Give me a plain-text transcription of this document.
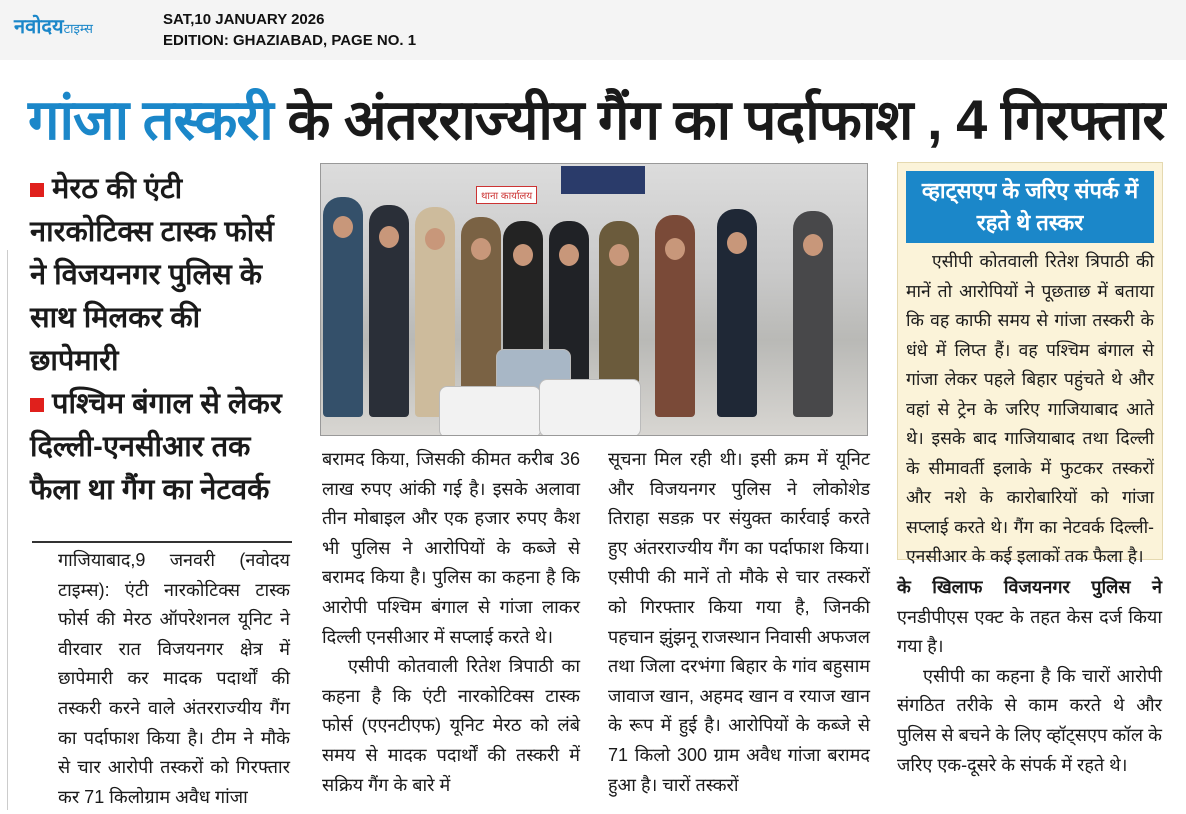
नवोदयटाइम्स
SAT,10 JANUARY 2026
EDITION: GHAZIABAD, PAGE NO. 1
गांजा तस्करी के अंतरराज्यीय गैंग का पर्दाफाश , 4 गिरफ्तार
मेरठ की एंटी नारकोटिक्स टास्क फोर्स ने विजयनगर पुलिस के साथ मिलकर की छापेमारी
पश्चिम बंगाल से लेकर दिल्ली-एनसीआर तक फैला था गैंग का नेटवर्क

गाजियाबाद,9 जनवरी (नवोदय टाइम्स): एंटी नारकोटिक्स टास्क फोर्स की मेरठ ऑपरेशनल यूनिट ने वीरवार रात विजयनगर क्षेत्र में छापेमारी कर मादक पदार्थों की तस्करी करने वाले अंतरराज्यीय गैंग का पर्दाफाश किया है। टीम ने मौके से चार आरोपी तस्करों को गिरफ्तार कर 71 किलोग्राम अवैध गांजा

थाना कार्यालय

बरामद किया, जिसकी कीमत करीब 36 लाख रुपए आंकी गई है। इसके अलावा तीन मोबाइल और एक हजार रुपए कैश भी पुलिस ने आरोपियों के कब्जे से बरामद किया है। पुलिस का कहना है कि आरोपी पश्चिम बंगाल से गांजा लाकर दिल्ली एनसीआर में सप्लाई करते थे।

एसीपी कोतवाली रितेश त्रिपाठी का कहना है कि एंटी नारकोटिक्स टास्क फोर्स (एएनटीएफ) यूनिट मेरठ को लंबे समय से मादक पदार्थों की तस्करी में सक्रिय गैंग के बारे में

सूचना मिल रही थी। इसी क्रम में यूनिट और विजयनगर पुलिस ने लोकोशेड तिराहा सडक़ पर संयुक्त कार्रवाई करते हुए अंतरराज्यीय गैंग का पर्दाफाश किया। एसीपी की मानें तो मौके से चार तस्करों को गिरफ्तार किया गया है, जिनकी पहचान झुंझनू राजस्थान निवासी अफजल तथा जिला दरभंगा बिहार के गांव बहुसाम जावाज खान, अहमद खान व रयाज खान के रूप में हुई है। आरोपियों के कब्जे से 71 किलो 300 ग्राम अवैध गांजा बरामद हुआ है। चारों तस्करों

व्हाट्सएप के जरिए संपर्क में रहते थे तस्कर

एसीपी कोतवाली रितेश त्रिपाठी की मानें तो आरोपियों ने पूछताछ में बताया कि वह काफी समय से गांजा तस्करी के धंधे में लिप्त हैं। वह पश्चिम बंगाल से गांजा लेकर पहले बिहार पहुंचते थे और वहां से ट्रेन के जरिए गाजियाबाद आते थे। इसके बाद गाजियाबाद तथा दिल्ली के सीमावर्ती इलाके में फुटकर तस्करों और नशे के कारोबारियों को गांजा सप्लाई करते थे। गैंग का नेटवर्क दिल्ली-एनसीआर के कई इलाकों तक फैला है।

के खिलाफ विजयनगर पुलिस ने एनडीपीएस एक्ट के तहत केस दर्ज किया गया है।

एसीपी का कहना है कि चारों आरोपी संगठित तरीके से काम करते थे और पुलिस से बचने के लिए व्हॉट्सएप कॉल के जरिए एक-दूसरे के संपर्क में रहते थे।
